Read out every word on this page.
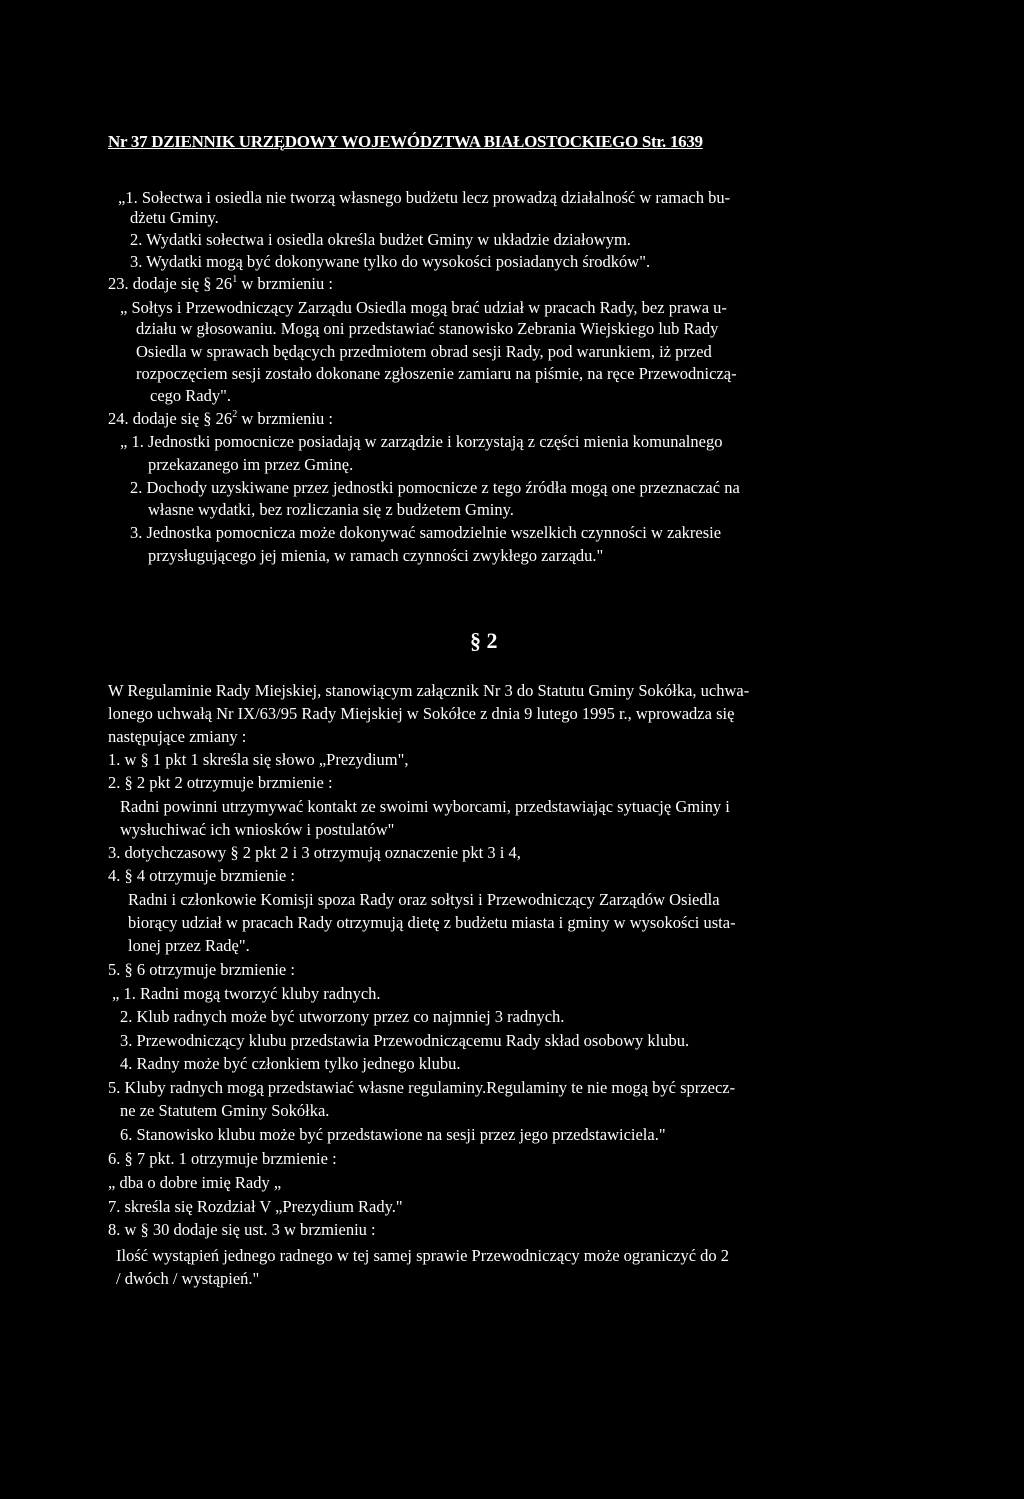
Nr 37 DZIENNIK URZĘDOWY WOJEWÓDZTWA BIAŁOSTOCKIEGO Str. 1639
§ 2
„1. Sołectwa i osiedla nie tworzą własnego budżetu lecz prowadzą działalność w ramach bu-
dżetu Gminy.
2. Wydatki sołectwa i osiedla określa budżet Gminy w układzie działowym.
3. Wydatki mogą być dokonywane tylko do wysokości posiadanych środków".
23. dodaje się § $26^1$ w brzmieniu :
„ Sołtys i Przewodniczący Zarządu Osiedla mogą brać udział w pracach Rady, bez prawa u-
działu w głosowaniu. Mogą oni przedstawiać stanowisko Zebrania Wiejskiego lub Rady
Osiedla w sprawach będących przedmiotem obrad sesji Rady, pod warunkiem, iż przed
rozpoczęciem sesji zostało dokonane zgłoszenie zamiaru na piśmie, na ręce Przewodniczą-
cego Rady".
24. dodaje się § $26^2$ w brzmieniu :
„ 1. Jednostki pomocnicze posiadają w zarządzie i korzystają z części mienia komunalnego
przekazanego im przez Gminę.
2. Dochody uzyskiwane przez jednostki pomocnicze z tego źródła mogą one przeznaczać na
własne wydatki, bez rozliczania się z budżetem Gminy.
3. Jednostka pomocnicza może dokonywać samodzielnie wszelkich czynności w zakresie
przysługującego jej mienia, w ramach czynności zwykłego zarządu."
W Regulaminie Rady Miejskiej, stanowiącym załącznik Nr 3 do Statutu Gminy Sokółka, uchwa-
lonego uchwałą Nr IX/63/95 Rady Miejskiej w Sokółce z dnia 9 lutego 1995 r., wprowadza się
następujące zmiany :
1. w § 1 pkt 1 skreśla się słowo „Prezydium",
2. § 2 pkt 2 otrzymuje brzmienie :
Radni powinni utrzymywać kontakt ze swoimi wyborcami, przedstawiając sytuację Gminy i
wysłuchiwać ich wniosków i postulatów"
3. dotychczasowy § 2 pkt 2 i 3 otrzymują oznaczenie pkt 3 i 4,
4. § 4 otrzymuje brzmienie :
Radni i członkowie Komisji spoza Rady oraz sołtysi i Przewodniczący Zarządów Osiedla
biorący udział w pracach Rady otrzymują dietę z budżetu miasta i gminy w wysokości usta-
lonej przez Radę".
5. § 6 otrzymuje brzmienie :
„ 1. Radni mogą tworzyć kluby radnych.
2. Klub radnych może być utworzony przez co najmniej 3 radnych.
3. Przewodniczący klubu przedstawia Przewodniczącemu Rady skład osobowy klubu.
4. Radny może być członkiem tylko jednego klubu.
5. Kluby radnych mogą przedstawiać własne regulaminy.Regulaminy te nie mogą być sprzecz-
ne ze Statutem Gminy Sokółka.
6. Stanowisko klubu może być przedstawione na sesji przez jego przedstawiciela."
6. § 7 pkt. 1 otrzymuje brzmienie :
„ dba o dobre imię Rady „
7. skreśla się Rozdział V „Prezydium Rady."
8. w § 30 dodaje się ust. 3 w brzmieniu :
Ilość wystąpień jednego radnego w tej samej sprawie Przewodniczący może ograniczyć do 2
/ dwóch / wystąpień."
